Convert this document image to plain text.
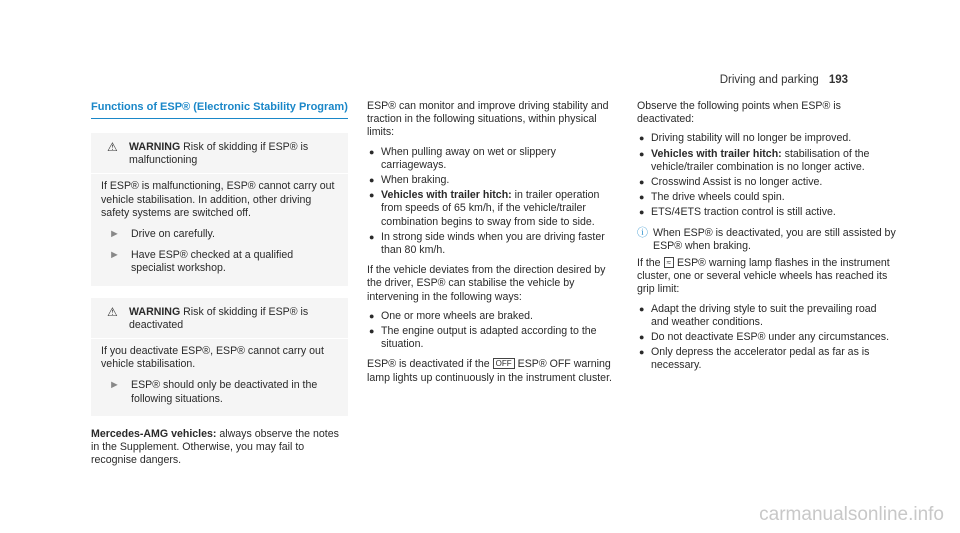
Driving and parking 193
Functions of ESP® (Electronic Stability Program)
⚠	WARNING Risk of skidding if ESP® is malfunctioning

If ESP® is malfunctioning, ESP® cannot carry out vehicle stabilisation. In addition, other driving safety systems are switched off.

►	Drive on carefully.
►	Have ESP® checked at a qualified specialist workshop.
⚠	WARNING Risk of skidding if ESP® is deactivated

If you deactivate ESP®, ESP® cannot carry out vehicle stabilisation.

►	ESP® should only be deactivated in the following situations.

Mercedes-AMG vehicles: always observe the notes in the Supplement. Otherwise, you may fail to recognise dangers.

ESP® can monitor and improve driving stability and traction in the following situations, within physical limits:

● When pulling away on wet or slippery carriageways.
● When braking.
● Vehicles with trailer hitch: in trailer operation from speeds of 65 km/h, if the vehicle/trailer combination begins to sway from side to side.
● In strong side winds when you are driving faster than 80 km/h.

If the vehicle deviates from the direction desired by the driver, ESP® can stabilise the vehicle by intervening in the following ways:

● One or more wheels are braked.
● The engine output is adapted according to the situation.

ESP® is deactivated if the OFF ESP® OFF warning lamp lights up continuously in the instrument cluster.

Observe the following points when ESP® is deactivated:

● Driving stability will no longer be improved.
● Vehicles with trailer hitch: stabilisation of the vehicle/trailer combination is no longer active.
● Crosswind Assist is no longer active.
● The drive wheels could spin.
● ETS/4ETS traction control is still active.
ⓘ When ESP® is deactivated, you are still assisted by ESP® when braking.

If the ≈ ESP® warning lamp flashes in the instrument cluster, one or several vehicle wheels has reached its grip limit:

● Adapt the driving style to suit the prevailing road and weather conditions.
● Do not deactivate ESP® under any circumstances.
● Only depress the accelerator pedal as far as is necessary.
carmanualsonline.info
